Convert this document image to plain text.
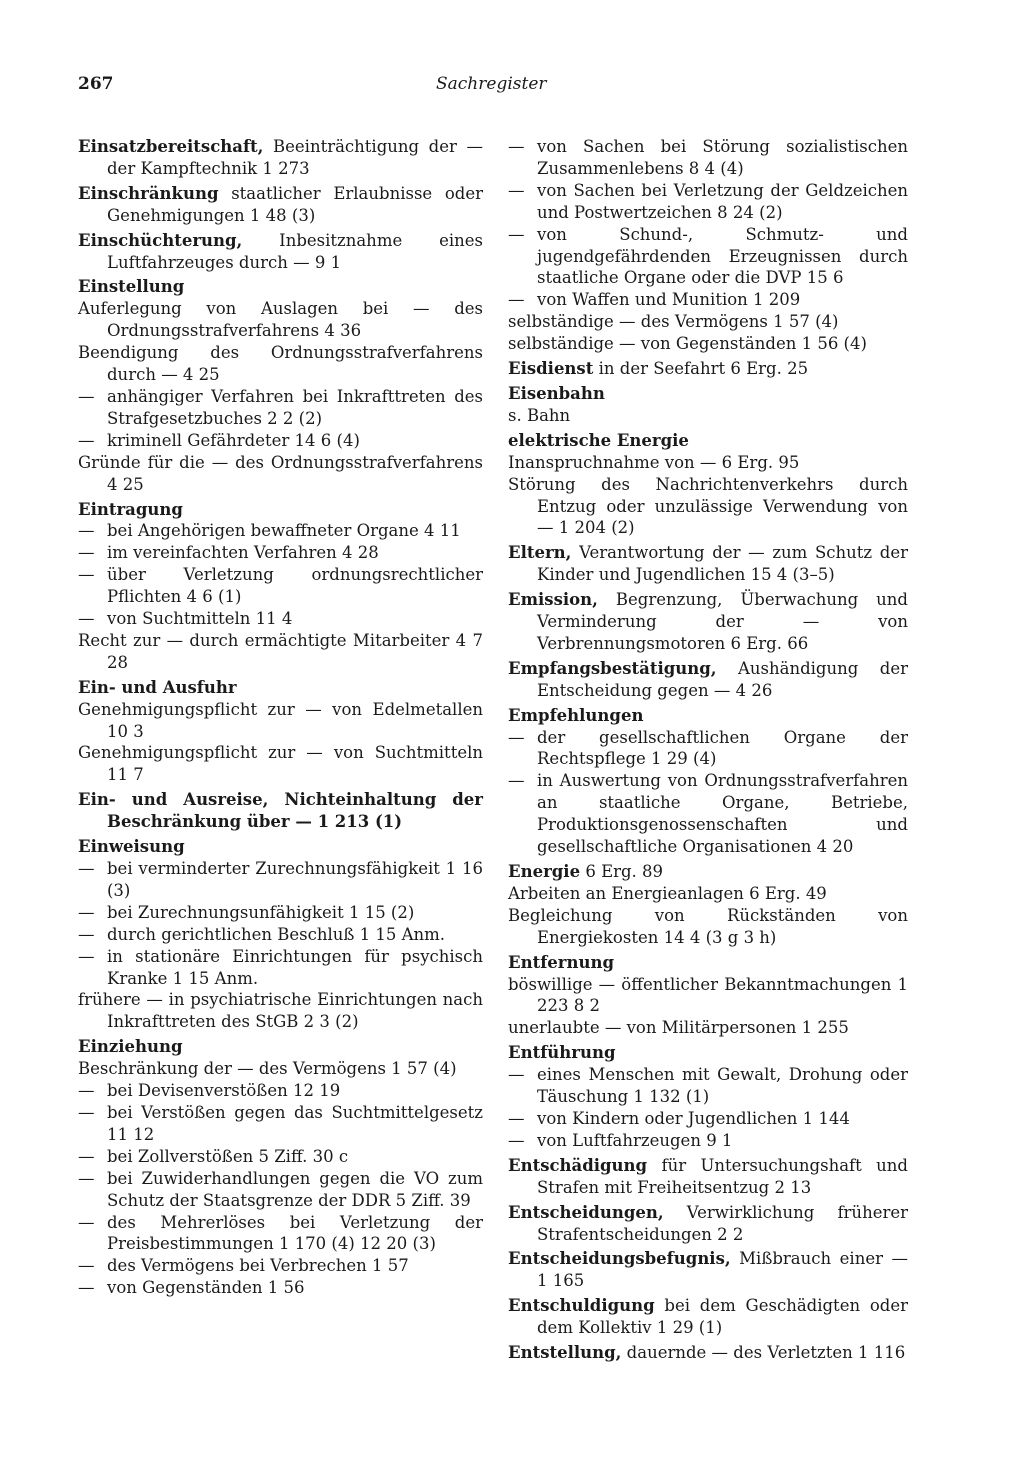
267	Sachregister
Einsatzbereitschaft, Beeinträchtigung der — der Kampftechnik 1 273
Einschränkung staatlicher Erlaubnisse oder Genehmigungen 1 48 (3)
Einschüchterung, Inbesitznahme eines Luftfahrzeuges durch — 9 1
Einstellung
Auferlegung von Auslagen bei — des Ordnungsstrafverfahrens 4 36
Beendigung des Ordnungsstrafverfahrens durch — 4 25
— anhängiger Verfahren bei Inkrafttreten des Strafgesetzbuches 2 2 (2)
— kriminell Gefährdeter 14 6 (4)
Gründe für die — des Ordnungsstrafverfahrens 4 25
Eintragung
— bei Angehörigen bewaffneter Organe 4 11
— im vereinfachten Verfahren 4 28
— über Verletzung ordnungsrechtlicher Pflichten 4 6 (1)
— von Suchtmitteln 11 4
Recht zur — durch ermächtigte Mitarbeiter 4 7 28
Ein- und Ausfuhr
Genehmigungspflicht zur — von Edelmetallen 10 3
Genehmigungspflicht zur — von Suchtmitteln 11 7
Ein- und Ausreise, Nichteinhaltung der Beschränkung über — 1 213 (1)
Einweisung
— bei verminderter Zurechnungsfähigkeit 1 16 (3)
— bei Zurechnungsunfähigkeit 1 15 (2)
— durch gerichtlichen Beschluß 1 15 Anm.
— in stationäre Einrichtungen für psychisch Kranke 1 15 Anm.
frühere — in psychiatrische Einrichtungen nach Inkrafttreten des StGB 2 3 (2)
Einziehung
Beschränkung der — des Vermögens 1 57 (4)
— bei Devisenverstößen 12 19
— bei Verstößen gegen das Suchtmittelgesetz 11 12
— bei Zollverstößen 5 Ziff. 30 c
— bei Zuwiderhandlungen gegen die VO zum Schutz der Staatsgrenze der DDR 5 Ziff. 39
— des Mehrerlöses bei Verletzung der Preisbestimmungen 1 170 (4) 12 20 (3)
— des Vermögens bei Verbrechen 1 57
— von Gegenständen 1 56
— von Sachen bei Störung sozialistischen Zusammenlebens 8 4 (4)
— von Sachen bei Verletzung der Geldzeichen und Postwertzeichen 8 24 (2)
— von Schund-, Schmutz- und jugendgefährdenden Erzeugnissen durch staatliche Organe oder die DVP 15 6
— von Waffen und Munition 1 209
selbständige — des Vermögens 1 57 (4)
selbständige — von Gegenständen 1 56 (4)
Eisdienst in der Seefahrt 6 Erg. 25
Eisenbahn
s. Bahn
elektrische Energie
Inanspruchnahme von — 6 Erg. 95
Störung des Nachrichtenverkehrs durch Entzug oder unzulässige Verwendung von — 1 204 (2)
Eltern, Verantwortung der — zum Schutz der Kinder und Jugendlichen 15 4 (3–5)
Emission, Begrenzung, Überwachung und Verminderung der — von Verbrennungsmotoren 6 Erg. 66
Empfangsbestätigung, Aushändigung der Entscheidung gegen — 4 26
Empfehlungen
— der gesellschaftlichen Organe der Rechtspflege 1 29 (4)
— in Auswertung von Ordnungsstrafverfahren an staatliche Organe, Betriebe, Produktionsgenossenschaften und gesellschaftliche Organisationen 4 20
Energie 6 Erg. 89
Arbeiten an Energieanlagen 6 Erg. 49
Begleichung von Rückständen von Energiekosten 14 4 (3 g 3 h)
Entfernung
böswillige — öffentlicher Bekanntmachungen 1 223 8 2
unerlaubte — von Militärpersonen 1 255
Entführung
— eines Menschen mit Gewalt, Drohung oder Täuschung 1 132 (1)
— von Kindern oder Jugendlichen 1 144
— von Luftfahrzeugen 9 1
Entschädigung für Untersuchungshaft und Strafen mit Freiheitsentzug 2 13
Entscheidungen, Verwirklichung früherer Strafentscheidungen 2 2
Entscheidungsbefugnis, Mißbrauch einer — 1 165
Entschuldigung bei dem Geschädigten oder dem Kollektiv 1 29 (1)
Entstellung, dauernde — des Verletzten 1 116
